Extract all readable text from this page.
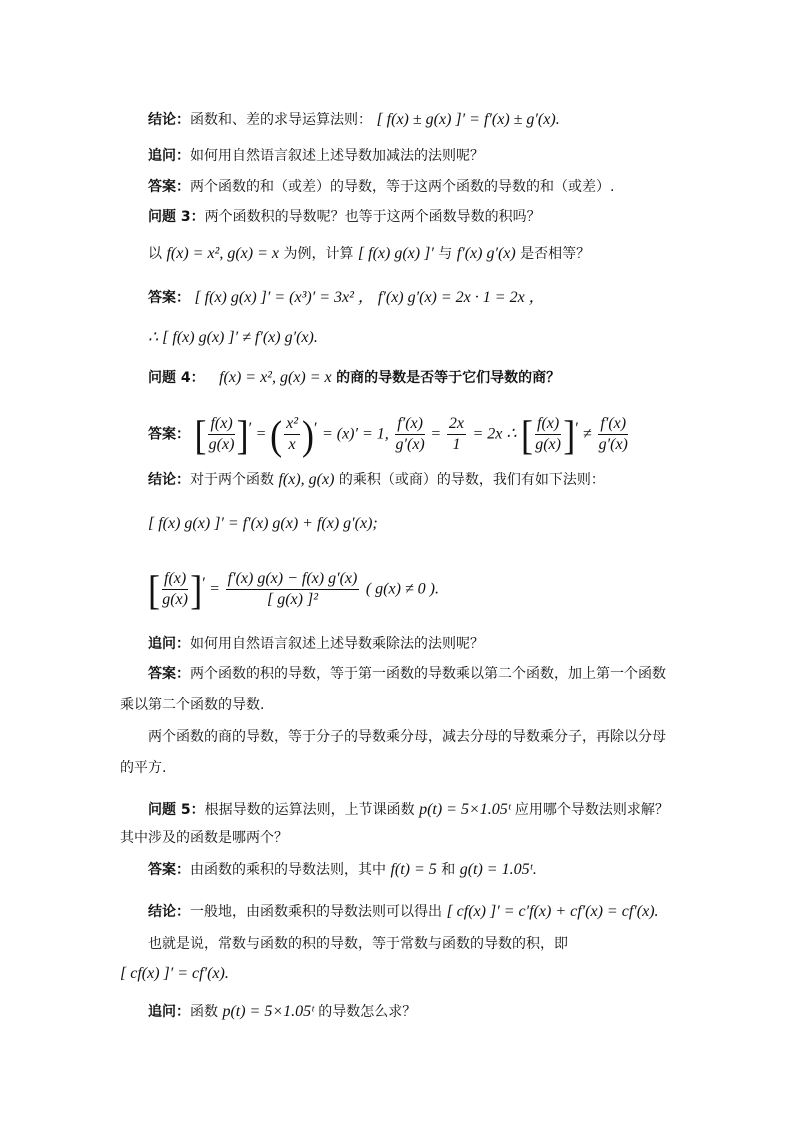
结论：函数和、差的求导运算法则： [ f(x) ± g(x) ]′ = f′(x) ± g′(x).
追问：如何用自然语言叙述上述导数加减法的法则呢？
答案：两个函数的和（或差）的导数，等于这两个函数的导数的和（或差）.
问题 3：两个函数积的导数呢？也等于这两个函数导数的积吗？
以 f(x) = x², g(x) = x 为例，计算 [ f(x) g(x) ]′ 与 f′(x) g′(x) 是否相等？
答案： [ f(x) g(x) ]′ = (x³)′ = 3x² ， f′(x) g′(x) = 2x · 1 = 2x ，
∴ [ f(x) g(x) ]′ ≠ f′(x) g′(x).
问题 4： f(x) = x², g(x) = x 的商的导数是否等于它们导数的商？
答案： [ $\frac{f(x)}{g(x)} ]'$ = ( $\frac{\text{x²}}{x} )' = (x)' = 1$, $\frac{f'(x)}{g'(x)} = \frac{2x}{1} = 2x$ ∴ [ $\frac{f(x)}{g(x)} ]' \ne \frac{f'(x)}{g'(x)}$
结论：对于两个函数 f(x), g(x) 的乘积（或商）的导数，我们有如下法则：
[ f(x) g(x) ]′ = f′(x) g(x) + f(x) g′(x);
[ $\frac{f(x)}{g(x)} ]' = \frac{f'(x) g(x) - f(x) g'(x)}{\text{[ g(x) ]²}}$ ( g(x) ≠ 0 ).
追问：如何用自然语言叙述上述导数乘除法的法则呢？
答案：两个函数的积的导数，等于第一函数的导数乘以第二个函数，加上第一个函数
乘以第二个函数的导数.
两个函数的商的导数，等于分子的导数乘分母，减去分母的导数乘分子，再除以分母
的平方.
问题 5：根据导数的运算法则，上节课函数 p(t) = 5×1.05ᵗ 应用哪个导数法则求解？
其中涉及的函数是哪两个？
答案：由函数的乘积的导数法则，其中 f(t) = 5 和 g(t) = 1.05ᵗ.
结论：一般地，由函数乘积的导数法则可以得出 [ cf(x) ]′ = c′f(x) + cf′(x) = cf′(x).
也就是说，常数与函数的积的导数，等于常数与函数的导数的积，即
[ cf(x) ]′ = cf′(x).
追问：函数 p(t) = 5×1.05ᵗ 的导数怎么求？
